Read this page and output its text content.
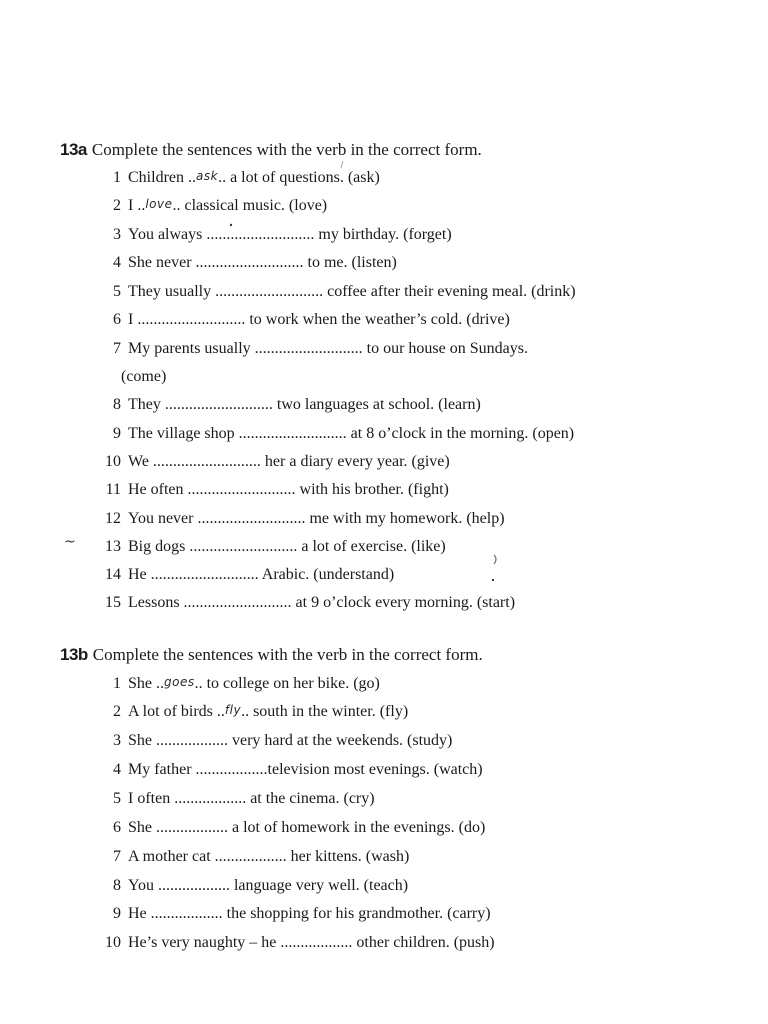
13a Complete the sentences with the verb in the correct form.
1 Children ..ask.. a lot of questions. (ask)
2 I ..love.. classical music. (love)
3 You always ........................... my birthday. (forget)
4 She never ........................... to me. (listen)
5 They usually ........................... coffee after their evening meal. (drink)
6 I ........................... to work when the weather’s cold. (drive)
7 My parents usually ........................... to our house on Sundays.
(come)
8 They ........................... two languages at school. (learn)
9 The village shop ........................... at 8 o’clock in the morning. (open)
10 We ........................... her a diary every year. (give)
11 He often ........................... with his brother. (fight)
12 You never ........................... me with my homework. (help)
13 Big dogs ........................... a lot of exercise. (like)
14 He ........................... Arabic. (understand)
15 Lessons ........................... at 9 o’clock every morning. (start)
13b Complete the sentences with the verb in the correct form.
1 She ..goes.. to college on her bike. (go)
2 A lot of birds ..fly.. south in the winter. (fly)
3 She .................. very hard at the weekends. (study)
4 My father ..................television most evenings. (watch)
5 I often .................. at the cinema. (cry)
6 She .................. a lot of homework in the evenings. (do)
7 A mother cat .................. her kittens. (wash)
8 You .................. language very well. (teach)
9 He .................. the shopping for his grandmother. (carry)
10 He’s very naughty – he .................. other children. (push)
~
